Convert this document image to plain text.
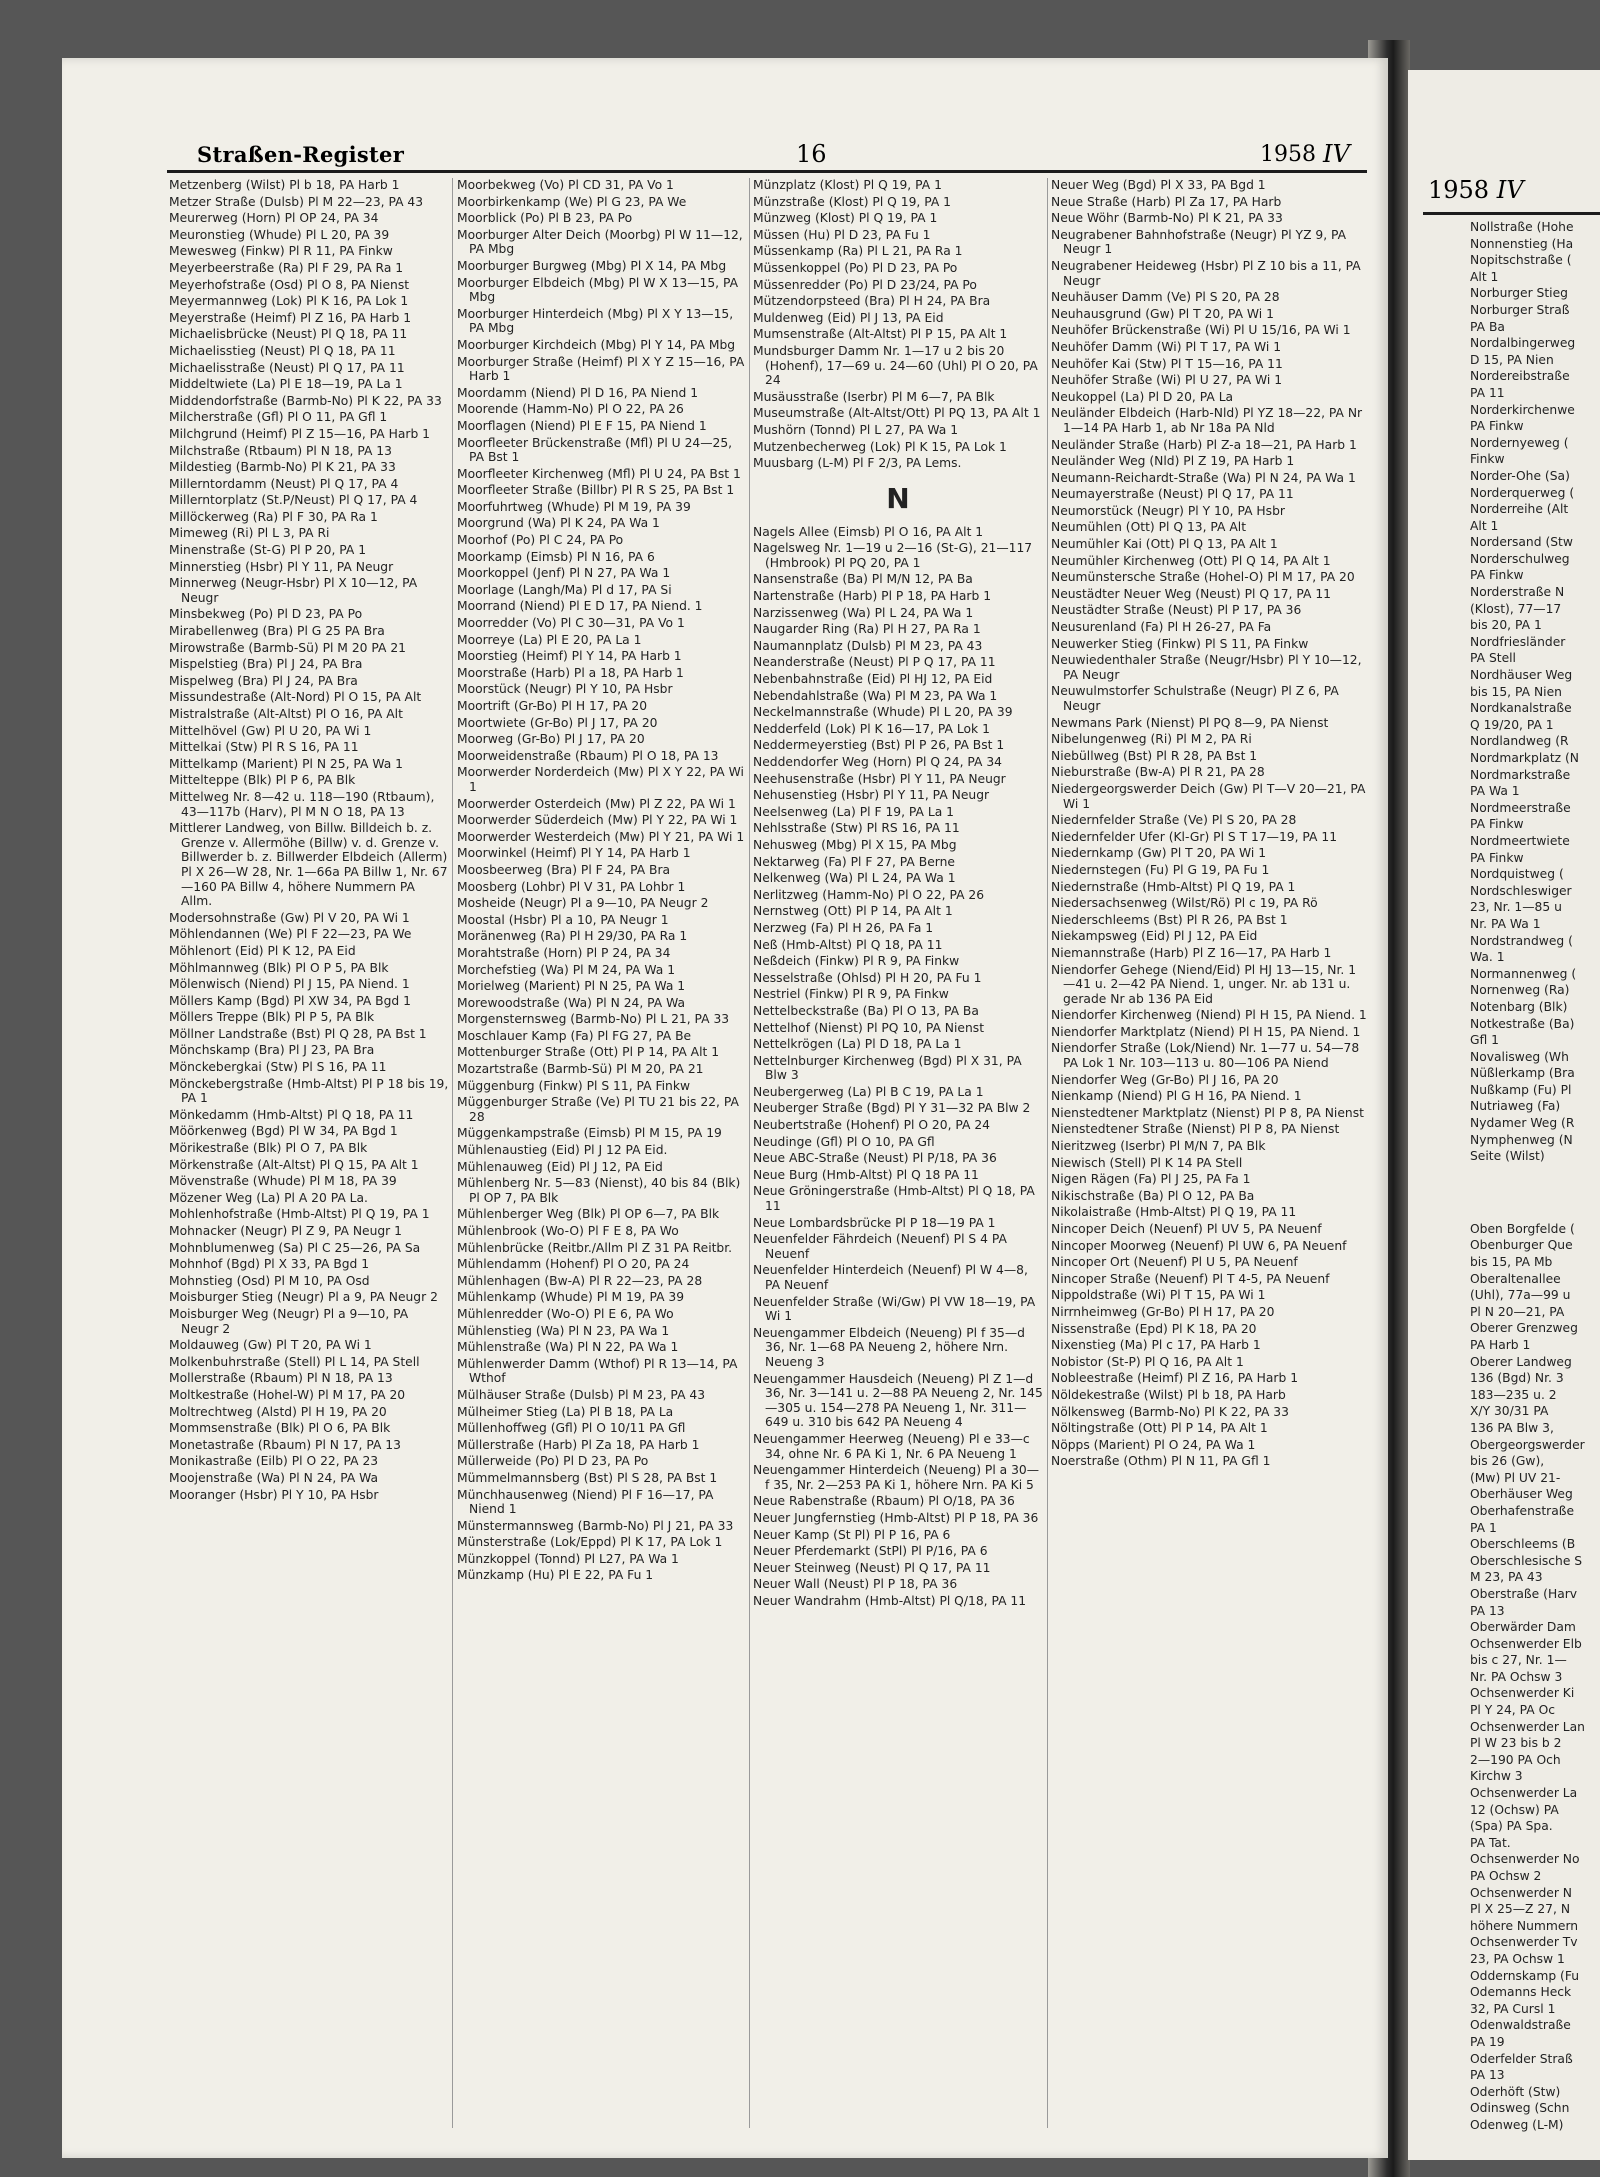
Straßen-Register	16	1958 IV
Metzenberg (Wilst) Pl b 18, PA Harb 1
Metzer Straße (Dulsb) Pl M 22—23, PA 43
Meurerweg (Horn) Pl OP 24, PA 34
Meuronstieg (Whude) Pl L 20, PA 39
Mewesweg (Finkw) Pl R 11, PA Finkw
Meyerbeerstraße (Ra) Pl F 29, PA Ra 1
Meyerhofstraße (Osd) Pl O 8, PA Nienst
Meyermannweg (Lok) Pl K 16, PA Lok 1
Meyerstraße (Heimf) Pl Z 16, PA Harb 1
Michaelisbrücke (Neust) Pl Q 18, PA 11
Michaelisstieg (Neust) Pl Q 18, PA 11
Michaelisstraße (Neust) Pl Q 17, PA 11
Middeltwiete (La) Pl E 18—19, PA La 1
Middendorfstraße (Barmb-No) Pl K 22, PA 33
Milcherstraße (Gfl) Pl O 11, PA Gfl 1
Milchgrund (Heimf) Pl Z 15—16, PA Harb 1
Milchstraße (Rtbaum) Pl N 18, PA 13
Mildestieg (Barmb-No) Pl K 21, PA 33
Millerntordamm (Neust) Pl Q 17, PA 4
Millerntorplatz (St.P/Neust) Pl Q 17, PA 4
Millöckerweg (Ra) Pl F 30, PA Ra 1
Mimeweg (Ri) Pl L 3, PA Ri
Minenstraße (St-G) Pl P 20, PA 1
Minnerstieg (Hsbr) Pl Y 11, PA Neugr
Minnerweg (Neugr-Hsbr) Pl X 10—12, PA Neugr
Minsbekweg (Po) Pl D 23, PA Po
Mirabellenweg (Bra) Pl G 25 PA Bra
Mirowstraße (Barmb-Sü) Pl M 20 PA 21
Mispelstieg (Bra) Pl J 24, PA Bra
Mispelweg (Bra) Pl J 24, PA Bra
Missundestraße (Alt-Nord) Pl O 15, PA Alt
Mistralstraße (Alt-Altst) Pl O 16, PA Alt
Mittelhövel (Gw) Pl U 20, PA Wi 1
Mittelkai (Stw) Pl R S 16, PA 11
Mittelkamp (Marient) Pl N 25, PA Wa 1
Mittelteppe (Blk) Pl P 6, PA Blk
Mittelweg Nr. 8—42 u. 118—190 (Rtbaum), 43—117b (Harv), Pl M N O 18, PA 13
Mittlerer Landweg, von Billw. Billdeich b. z. Grenze v. Allermöhe (Billw) v. d. Grenze v. Billwerder b. z. Billwerder Elbdeich (Allerm) Pl X 26—W 28, Nr. 1—66a PA Billw 1, Nr. 67—160 PA Billw 4, höhere Nummern PA Allm.
Modersohnstraße (Gw) Pl V 20, PA Wi 1
Möhlendannen (We) Pl F 22—23, PA We
Möhlenort (Eid) Pl K 12, PA Eid
Möhlmannweg (Blk) Pl O P 5, PA Blk
Mölenwisch (Niend) Pl J 15, PA Niend. 1
Möllers Kamp (Bgd) Pl XW 34, PA Bgd 1
Möllers Treppe (Blk) Pl P 5, PA Blk
Möllner Landstraße (Bst) Pl Q 28, PA Bst 1
Mönchskamp (Bra) Pl J 23, PA Bra
Mönckebergkai (Stw) Pl S 16, PA 11
Mönckebergstraße (Hmb-Altst) Pl P 18 bis 19, PA 1
Mönkedamm (Hmb-Altst) Pl Q 18, PA 11
Möörkenweg (Bgd) Pl W 34, PA Bgd 1
Mörikestraße (Blk) Pl O 7, PA Blk
Mörkenstraße (Alt-Altst) Pl Q 15, PA Alt 1
Mövenstraße (Whude) Pl M 18, PA 39
Mözener Weg (La) Pl A 20 PA La.
Mohlenhofstraße (Hmb-Altst) Pl Q 19, PA 1
Mohnacker (Neugr) Pl Z 9, PA Neugr 1
Mohnblumenweg (Sa) Pl C 25—26, PA Sa
Mohnhof (Bgd) Pl X 33, PA Bgd 1
Mohnstieg (Osd) Pl M 10, PA Osd
Moisburger Stieg (Neugr) Pl a 9, PA Neugr 2
Moisburger Weg (Neugr) Pl a 9—10, PA Neugr 2
Moldauweg (Gw) Pl T 20, PA Wi 1
Molkenbuhrstraße (Stell) Pl L 14, PA Stell
Mollerstraße (Rbaum) Pl N 18, PA 13
Moltkestraße (Hohel-W) Pl M 17, PA 20
Moltrechtweg (Alstd) Pl H 19, PA 20
Mommsenstraße (Blk) Pl O 6, PA Blk
Monetastraße (Rbaum) Pl N 17, PA 13
Monikastraße (Eilb) Pl O 22, PA 23
Moojenstraße (Wa) Pl N 24, PA Wa
Mooranger (Hsbr) Pl Y 10, PA Hsbr
Moorbekweg (Vo) Pl CD 31, PA Vo 1
Moorbirkenkamp (We) Pl G 23, PA We
Moorblick (Po) Pl B 23, PA Po
Moorburger Alter Deich (Moorbg) Pl W 11—12, PA Mbg
Moorburger Burgweg (Mbg) Pl X 14, PA Mbg
Moorburger Elbdeich (Mbg) Pl W X 13—15, PA Mbg
Moorburger Hinterdeich (Mbg) Pl X Y 13—15, PA Mbg
Moorburger Kirchdeich (Mbg) Pl Y 14, PA Mbg
Moorburger Straße (Heimf) Pl X Y Z 15—16, PA Harb 1
Moordamm (Niend) Pl D 16, PA Niend 1
Moorende (Hamm-No) Pl O 22, PA 26
Moorflagen (Niend) Pl E F 15, PA Niend 1
Moorfleeter Brückenstraße (Mfl) Pl U 24—25, PA Bst 1
Moorfleeter Kirchenweg (Mfl) Pl U 24, PA Bst 1
Moorfleeter Straße (Billbr) Pl R S 25, PA Bst 1
Moorfuhrtweg (Whude) Pl M 19, PA 39
Moorgrund (Wa) Pl K 24, PA Wa 1
Moorhof (Po) Pl C 24, PA Po
Moorkamp (Eimsb) Pl N 16, PA 6
Moorkoppel (Jenf) Pl N 27, PA Wa 1
Moorlage (Langh/Ma) Pl d 17, PA Si
Moorrand (Niend) Pl E D 17, PA Niend. 1
Moorredder (Vo) Pl C 30—31, PA Vo 1
Moorreye (La) Pl E 20, PA La 1
Moorstieg (Heimf) Pl Y 14, PA Harb 1
Moorstraße (Harb) Pl a 18, PA Harb 1
Moorstück (Neugr) Pl Y 10, PA Hsbr
Moortrift (Gr-Bo) Pl H 17, PA 20
Moortwiete (Gr-Bo) Pl J 17, PA 20
Moorweg (Gr-Bo) Pl J 17, PA 20
Moorweidenstraße (Rbaum) Pl O 18, PA 13
Moorwerder Norderdeich (Mw) Pl X Y 22, PA Wi 1
Moorwerder Osterdeich (Mw) Pl Z 22, PA Wi 1
Moorwerder Süderdeich (Mw) Pl Y 22, PA Wi 1
Moorwerder Westerdeich (Mw) Pl Y 21, PA Wi 1
Moorwinkel (Heimf) Pl Y 14, PA Harb 1
Moosbeerweg (Bra) Pl F 24, PA Bra
Moosberg (Lohbr) Pl V 31, PA Lohbr 1
Mosheide (Neugr) Pl a 9—10, PA Neugr 2
Moostal (Hsbr) Pl a 10, PA Neugr 1
Moränenweg (Ra) Pl H 29/30, PA Ra 1
Morahtstraße (Horn) Pl P 24, PA 34
Morchefstieg (Wa) Pl M 24, PA Wa 1
Morielweg (Marient) Pl N 25, PA Wa 1
Morewoodstraße (Wa) Pl N 24, PA Wa
Morgensternsweg (Barmb-No) Pl L 21, PA 33
Moschlauer Kamp (Fa) Pl FG 27, PA Be
Mottenburger Straße (Ott) Pl P 14, PA Alt 1
Mozartstraße (Barmb-Sü) Pl M 20, PA 21
Müggenburg (Finkw) Pl S 11, PA Finkw
Müggenburger Straße (Ve) Pl TU 21 bis 22, PA 28
Müggenkampstraße (Eimsb) Pl M 15, PA 19
Mühlenaustieg (Eid) Pl J 12 PA Eid.
Mühlenauweg (Eid) Pl J 12, PA Eid
Mühlenberg Nr. 5—83 (Nienst), 40 bis 84 (Blk) Pl OP 7, PA Blk
Mühlenberger Weg (Blk) Pl OP 6—7, PA Blk
Mühlenbrook (Wo-O) Pl F E 8, PA Wo
Mühlenbrücke (Reitbr./Allm Pl Z 31 PA Reitbr.
Mühlendamm (Hohenf) Pl O 20, PA 24
Mühlenhagen (Bw-A) Pl R 22—23, PA 28
Mühlenkamp (Whude) Pl M 19, PA 39
Mühlenredder (Wo-O) Pl E 6, PA Wo
Mühlenstieg (Wa) Pl N 23, PA Wa 1
Mühlenstraße (Wa) Pl N 22, PA Wa 1
Mühlenwerder Damm (Wthof) Pl R 13—14, PA Wthof
Mülhäuser Straße (Dulsb) Pl M 23, PA 43
Mülheimer Stieg (La) Pl B 18, PA La
Müllenhoffweg (Gfl) Pl O 10/11 PA Gfl
Müllerstraße (Harb) Pl Za 18, PA Harb 1
Müllerweide (Po) Pl D 23, PA Po
Mümmelmannsberg (Bst) Pl S 28, PA Bst 1
Münchhausenweg (Niend) Pl F 16—17, PA Niend 1
Münstermannsweg (Barmb-No) Pl J 21, PA 33
Münsterstraße (Lok/Eppd) Pl K 17, PA Lok 1
Münzkoppel (Tonnd) Pl L27, PA Wa 1
Münzkamp (Hu) Pl E 22, PA Fu 1
Münzplatz (Klost) Pl Q 19, PA 1
Münzstraße (Klost) Pl Q 19, PA 1
Münzweg (Klost) Pl Q 19, PA 1
Müssen (Hu) Pl D 23, PA Fu 1
Müssenkamp (Ra) Pl L 21, PA Ra 1
Müssenkoppel (Po) Pl D 23, PA Po
Müssenredder (Po) Pl D 23/24, PA Po
Mützendorpsteed (Bra) Pl H 24, PA Bra
Muldenweg (Eid) Pl J 13, PA Eid
Mumsenstraße (Alt-Altst) Pl P 15, PA Alt 1
Mundsburger Damm Nr. 1—17 u 2 bis 20 (Hohenf), 17—69 u. 24—60 (Uhl) Pl O 20, PA 24
Musäusstraße (Iserbr) Pl M 6—7, PA Blk
Museumstraße (Alt-Altst/Ott) Pl PQ 13, PA Alt 1
Mushörn (Tonnd) Pl L 27, PA Wa 1
Mutzenbecherweg (Lok) Pl K 15, PA Lok 1
Muusbarg (L-M) Pl F 2/3, PA Lems.
N
Nagels Allee (Eimsb) Pl O 16, PA Alt 1
Nagelsweg Nr. 1—19 u 2—16 (St-G), 21—117 (Hmbrook) Pl PQ 20, PA 1
Nansenstraße (Ba) Pl M/N 12, PA Ba
Nartenstraße (Harb) Pl P 18, PA Harb 1
Narzissenweg (Wa) Pl L 24, PA Wa 1
Naugarder Ring (Ra) Pl H 27, PA Ra 1
Naumannplatz (Dulsb) Pl M 23, PA 43
Neanderstraße (Neust) Pl P Q 17, PA 11
Nebenbahnstraße (Eid) Pl HJ 12, PA Eid
Nebendahlstraße (Wa) Pl M 23, PA Wa 1
Neckelmannstraße (Whude) Pl L 20, PA 39
Nedderfeld (Lok) Pl K 16—17, PA Lok 1
Neddermeyerstieg (Bst) Pl P 26, PA Bst 1
Neddendorfer Weg (Horn) Pl Q 24, PA 34
Neehusenstraße (Hsbr) Pl Y 11, PA Neugr
Nehusenstieg (Hsbr) Pl Y 11, PA Neugr
Neelsenweg (La) Pl F 19, PA La 1
Nehlsstraße (Stw) Pl RS 16, PA 11
Nehusweg (Mbg) Pl X 15, PA Mbg
Nektarweg (Fa) Pl F 27, PA Berne
Nelkenweg (Wa) Pl L 24, PA Wa 1
Nerlitzweg (Hamm-No) Pl O 22, PA 26
Nernstweg (Ott) Pl P 14, PA Alt 1
Nerzweg (Fa) Pl H 26, PA Fa 1
Neß (Hmb-Altst) Pl Q 18, PA 11
Neßdeich (Finkw) Pl R 9, PA Finkw
Nesselstraße (Ohlsd) Pl H 20, PA Fu 1
Nestriel (Finkw) Pl R 9, PA Finkw
Nettelbeckstraße (Ba) Pl O 13, PA Ba
Nettelhof (Nienst) Pl PQ 10, PA Nienst
Nettelkrögen (La) Pl D 18, PA La 1
Nettelnburger Kirchenweg (Bgd) Pl X 31, PA Blw 3
Neubergerweg (La) Pl B C 19, PA La 1
Neuberger Straße (Bgd) Pl Y 31—32 PA Blw 2
Neubertstraße (Hohenf) Pl O 20, PA 24
Neudinge (Gfl) Pl O 10, PA Gfl
Neue ABC-Straße (Neust) Pl P/18, PA 36
Neue Burg (Hmb-Altst) Pl Q 18 PA 11
Neue Gröningerstraße (Hmb-Altst) Pl Q 18, PA 11
Neue Lombardsbrücke Pl P 18—19 PA 1
Neuenfelder Fährdeich (Neuenf) Pl S 4 PA Neuenf
Neuenfelder Hinterdeich (Neuenf) Pl W 4—8, PA Neuenf
Neuenfelder Straße (Wi/Gw) Pl VW 18—19, PA Wi 1
Neuengammer Elbdeich (Neueng) Pl f 35—d 36, Nr. 1—68 PA Neueng 2, höhere Nrn. Neueng 3
Neuengammer Hausdeich (Neueng) Pl Z 1—d 36, Nr. 3—141 u. 2—88 PA Neueng 2, Nr. 145—305 u. 154—278 PA Neueng 1, Nr. 311—649 u. 310 bis 642 PA Neueng 4
Neuengammer Heerweg (Neueng) Pl e 33—c 34, ohne Nr. 6 PA Ki 1, Nr. 6 PA Neueng 1
Neuengammer Hinterdeich (Neueng) Pl a 30—f 35, Nr. 2—253 PA Ki 1, höhere Nrn. PA Ki 5
Neue Rabenstraße (Rbaum) Pl O/18, PA 36
Neuer Jungfernstieg (Hmb-Altst) Pl P 18, PA 36
Neuer Kamp (St Pl) Pl P 16, PA 6
Neuer Pferdemarkt (StPl) Pl P/16, PA 6
Neuer Steinweg (Neust) Pl Q 17, PA 11
Neuer Wall (Neust) Pl P 18, PA 36
Neuer Wandrahm (Hmb-Altst) Pl Q/18, PA 11
Neuer Weg (Bgd) Pl X 33, PA Bgd 1
Neue Straße (Harb) Pl Za 17, PA Harb
Neue Wöhr (Barmb-No) Pl K 21, PA 33
Neugrabener Bahnhofstraße (Neugr) Pl YZ 9, PA Neugr 1
Neugrabener Heideweg (Hsbr) Pl Z 10 bis a 11, PA Neugr
Neuhäuser Damm (Ve) Pl S 20, PA 28
Neuhausgrund (Gw) Pl T 20, PA Wi 1
Neuhöfer Brückenstraße (Wi) Pl U 15/16, PA Wi 1
Neuhöfer Damm (Wi) Pl T 17, PA Wi 1
Neuhöfer Kai (Stw) Pl T 15—16, PA 11
Neuhöfer Straße (Wi) Pl U 27, PA Wi 1
Neukoppel (La) Pl D 20, PA La
Neuländer Elbdeich (Harb-Nld) Pl YZ 18—22, PA Nr 1—14 PA Harb 1, ab Nr 18a PA Nld
Neuländer Straße (Harb) Pl Z-a 18—21, PA Harb 1
Neuländer Weg (Nld) Pl Z 19, PA Harb 1
Neumann-Reichardt-Straße (Wa) Pl N 24, PA Wa 1
Neumayerstraße (Neust) Pl Q 17, PA 11
Neumorstück (Neugr) Pl Y 10, PA Hsbr
Neumühlen (Ott) Pl Q 13, PA Alt
Neumühler Kai (Ott) Pl Q 13, PA Alt 1
Neumühler Kirchenweg (Ott) Pl Q 14, PA Alt 1
Neumünstersche Straße (Hohel-O) Pl M 17, PA 20
Neustädter Neuer Weg (Neust) Pl Q 17, PA 11
Neustädter Straße (Neust) Pl P 17, PA 36
Neusurenland (Fa) Pl H 26-27, PA Fa
Neuwerker Stieg (Finkw) Pl S 11, PA Finkw
Neuwiedenthaler Straße (Neugr/Hsbr) Pl Y 10—12, PA Neugr
Neuwulmstorfer Schulstraße (Neugr) Pl Z 6, PA Neugr
Newmans Park (Nienst) Pl PQ 8—9, PA Nienst
Nibelungenweg (Ri) Pl M 2, PA Ri
Niebüllweg (Bst) Pl R 28, PA Bst 1
Nieburstraße (Bw-A) Pl R 21, PA 28
Niedergeorgswerder Deich (Gw) Pl T—V 20—21, PA Wi 1
Niedernfelder Straße (Ve) Pl S 20, PA 28
Niedernfelder Ufer (Kl-Gr) Pl S T 17—19, PA 11
Niedernkamp (Gw) Pl T 20, PA Wi 1
Niedernstegen (Fu) Pl G 19, PA Fu 1
Niedernstraße (Hmb-Altst) Pl Q 19, PA 1
Niedersachsenweg (Wilst/Rö) Pl c 19, PA Rö
Niederschleems (Bst) Pl R 26, PA Bst 1
Niekampsweg (Eid) Pl J 12, PA Eid
Niemannstraße (Harb) Pl Z 16—17, PA Harb 1
Niendorfer Gehege (Niend/Eid) Pl HJ 13—15, Nr. 1—41 u. 2—42 PA Niend. 1, unger. Nr. ab 131 u. gerade Nr ab 136 PA Eid
Niendorfer Kirchenweg (Niend) Pl H 15, PA Niend. 1
Niendorfer Marktplatz (Niend) Pl H 15, PA Niend. 1
Niendorfer Straße (Lok/Niend) Nr. 1—77 u. 54—78 PA Lok 1 Nr. 103—113 u. 80—106 PA Niend
Niendorfer Weg (Gr-Bo) Pl J 16, PA 20
Nienkamp (Niend) Pl G H 16, PA Niend. 1
Nienstedtener Marktplatz (Nienst) Pl P 8, PA Nienst
Nienstedtener Straße (Nienst) Pl P 8, PA Nienst
Nieritzweg (Iserbr) Pl M/N 7, PA Blk
Niewisch (Stell) Pl K 14 PA Stell
Nigen Rägen (Fa) Pl J 25, PA Fa 1
Nikischstraße (Ba) Pl O 12, PA Ba
Nikolaistraße (Hmb-Altst) Pl Q 19, PA 11
Nincoper Deich (Neuenf) Pl UV 5, PA Neuenf
Nincoper Moorweg (Neuenf) Pl UW 6, PA Neuenf
Nincoper Ort (Neuenf) Pl U 5, PA Neuenf
Nincoper Straße (Neuenf) Pl T 4-5, PA Neuenf
Nippoldstraße (Wi) Pl T 15, PA Wi 1
Nirrnheimweg (Gr-Bo) Pl H 17, PA 20
Nissenstraße (Epd) Pl K 18, PA 20
Nixenstieg (Ma) Pl c 17, PA Harb 1
Nobistor (St-P) Pl Q 16, PA Alt 1
Nobleestraße (Heimf) Pl Z 16, PA Harb 1
Nöldekestraße (Wilst) Pl b 18, PA Harb
Nölkensweg (Barmb-No) Pl K 22, PA 33
Nöltingstraße (Ott) Pl P 14, PA Alt 1
Nöpps (Marient) Pl O 24, PA Wa 1
Noerstraße (Othm) Pl N 11, PA Gfl 1
1958 IV
Nollstraße (Hohe
Nonnenstieg (Ha
Nopitschstraße (
Alt 1
Norburger Stieg
Norburger Straß
PA Ba
Nordalbingerweg
D 15, PA Nien
Nordereibstraße
PA 11
Norderkirchenwe
PA Finkw
Nordernyeweg (
Finkw
Norder-Ohe (Sa)
Norderquerweg (
Norderreihe (Alt
Alt 1
Nordersand (Stw
Norderschulweg
PA Finkw
Norderstraße N
(Klost), 77—17
bis 20, PA 1
Nordfriesländer
PA Stell
Nordhäuser Weg
bis 15, PA Nien
Nordkanalstraße
Q 19/20, PA 1
Nordlandweg (R
Nordmarkplatz (N
Nordmarkstraße
PA Wa 1
Nordmeerstraße
PA Finkw
Nordmeertwiete
PA Finkw
Nordquistweg (
Nordschleswiger
23, Nr. 1—85 u
Nr. PA Wa 1
Nordstrandweg (
Wa. 1
Normannenweg (
Nornenweg (Ra)
Notenbarg (Blk)
Notkestraße (Ba)
Gfl 1
Novalisweg (Wh
Nüßlerkamp (Bra
Nußkamp (Fu) Pl
Nutriaweg (Fa)
Nydamer Weg (R
Nymphenweg (N
Seite (Wilst)
Oben Borgfelde (
Obenburger Que
bis 15, PA Mb
Oberaltenallee
(Uhl), 77a—99 u
Pl N 20—21, PA
Oberer Grenzweg
PA Harb 1
Oberer Landweg
136 (Bgd) Nr. 3
183—235 u. 2
X/Y 30/31 PA
136 PA Blw 3,
Obergeorgswerder
bis 26 (Gw),
(Mw) Pl UV 21-
Oberhäuser Weg
Oberhafenstraße
PA 1
Oberschleems (B
Oberschlesische S
M 23, PA 43
Oberstraße (Harv
PA 13
Oberwärder Dam
Ochsenwerder Elb
bis c 27, Nr. 1—
Nr. PA Ochsw 3
Ochsenwerder Ki
Pl Y 24, PA Oc
Ochsenwerder Lan
Pl W 23 bis b 2
2—190 PA Och
Kirchw 3
Ochsenwerder La
12 (Ochsw) PA
(Spa) PA Spa.
PA Tat.
Ochsenwerder No
PA Ochsw 2
Ochsenwerder N
Pl X 25—Z 27, N
höhere Nummern
Ochsenwerder Tv
23, PA Ochsw 1
Oddernskamp (Fu
Odemanns Heck
32, PA Cursl 1
Odenwaldstraße
PA 19
Oderfelder Straß
PA 13
Oderhöft (Stw)
Odinsweg (Schn
Odenweg (L-M)
